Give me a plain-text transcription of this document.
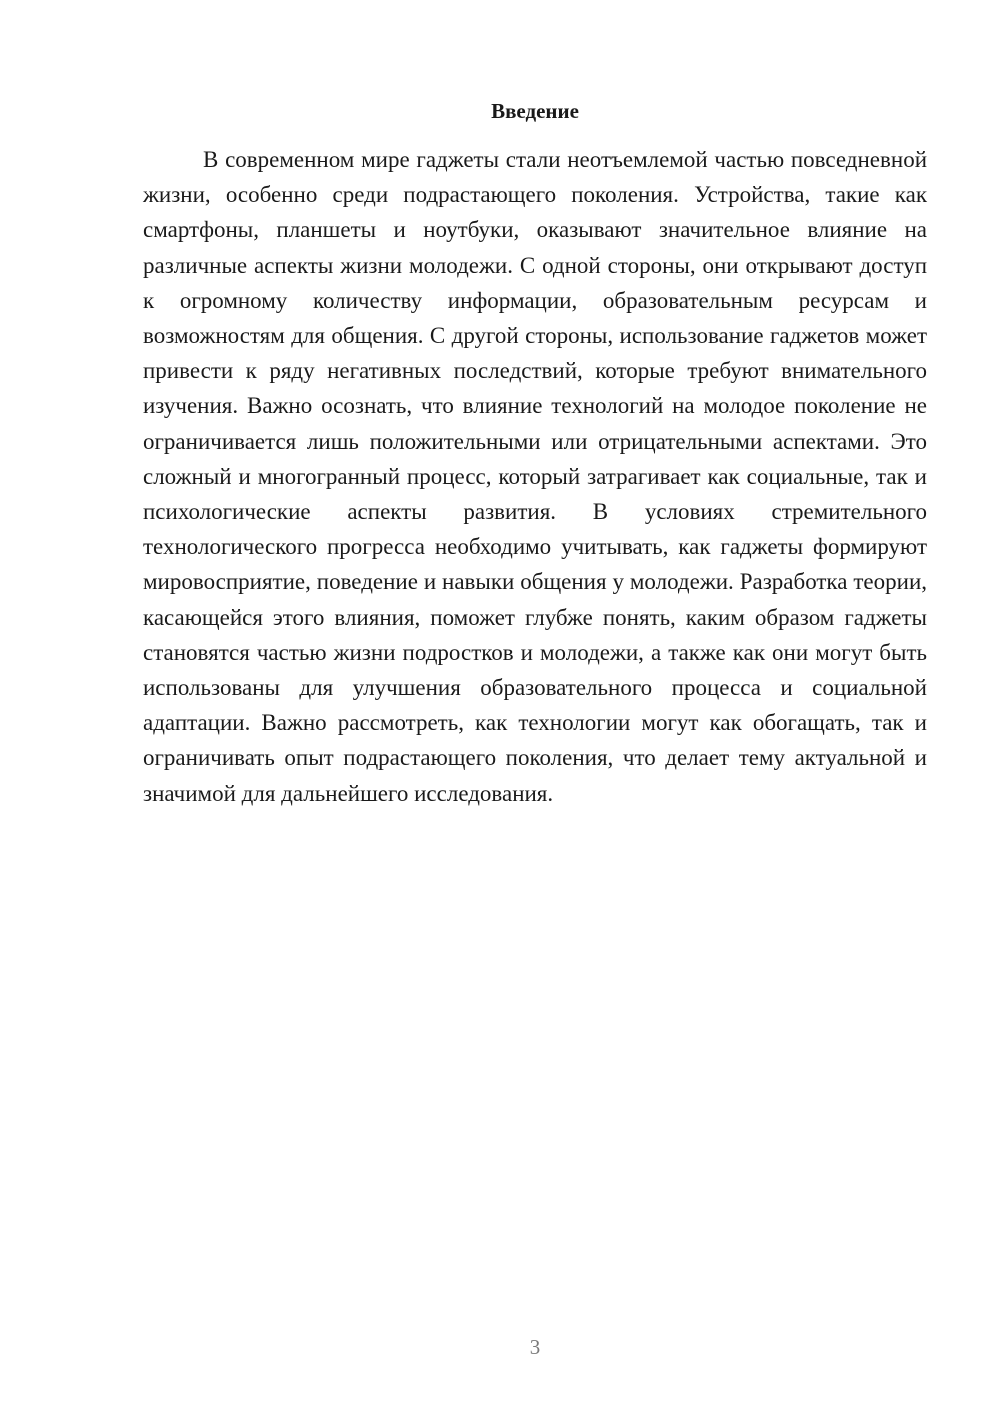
Введение

В современном мире гаджеты стали неотъемлемой частью повседневной жизни, особенно среди подрастающего поколения. Устройства, такие как смартфоны, планшеты и ноутбуки, оказывают значительное влияние на различные аспекты жизни молодежи. С одной стороны, они открывают доступ к огромному количеству информации, образовательным ресурсам и возможностям для общения. С другой стороны, использование гаджетов может привести к ряду негативных последствий, которые требуют внимательного изучения. Важно осознать, что влияние технологий на молодое поколение не ограничивается лишь положительными или отрицательными аспектами. Это сложный и многогранный процесс, который затрагивает как социальные, так и психологические аспекты развития. В условиях стремительного технологического прогресса необходимо учитывать, как гаджеты формируют мировосприятие, поведение и навыки общения у молодежи. Разработка теории, касающейся этого влияния, поможет глубже понять, каким образом гаджеты становятся частью жизни подростков и молодежи, а также как они могут быть использованы для улучшения образовательного процесса и социальной адаптации. Важно рассмотреть, как технологии могут как обогащать, так и ограничивать опыт подрастающего поколения, что делает тему актуальной и значимой для дальнейшего исследования.

3
